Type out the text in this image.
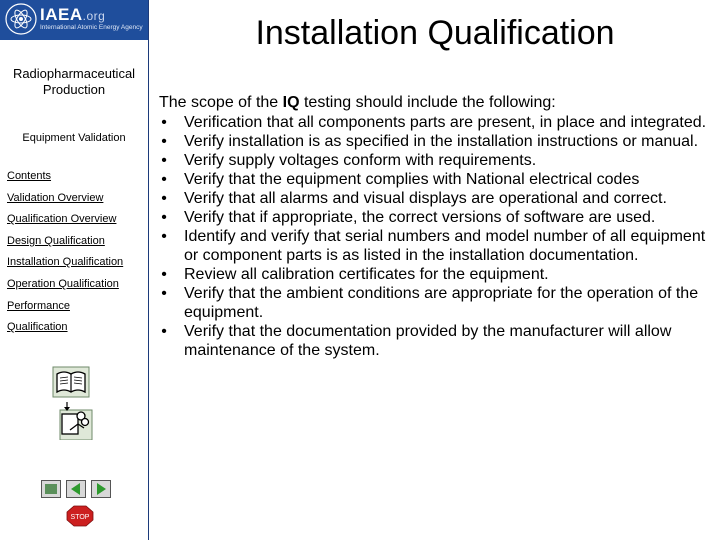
IAEA.org
International Atomic Energy Agency
Radiopharmaceutical Production
Equipment Validation
Contents
Validation Overview
Qualification Overview
Design Qualification
Installation Qualification
Operation Qualification
Performance
Qualification
STOP
Installation Qualification
The scope of the IQ testing should include the following:
• Verification that all components parts are present, in place and integrated.
• Verify installation is as specified in the installation instructions or manual.
• Verify supply voltages conform with requirements.
• Verify that the equipment complies with National electrical codes
• Verify that all alarms and visual displays are operational and correct.
• Verify that if appropriate, the correct versions of software are used.
• Identify and verify that serial numbers and model number of all equipment or component parts is as listed in the installation documentation.
• Review all calibration certificates for the equipment.
• Verify that the ambient conditions are appropriate for the operation of the equipment.
• Verify that the documentation provided by the manufacturer will allow maintenance of the system.
